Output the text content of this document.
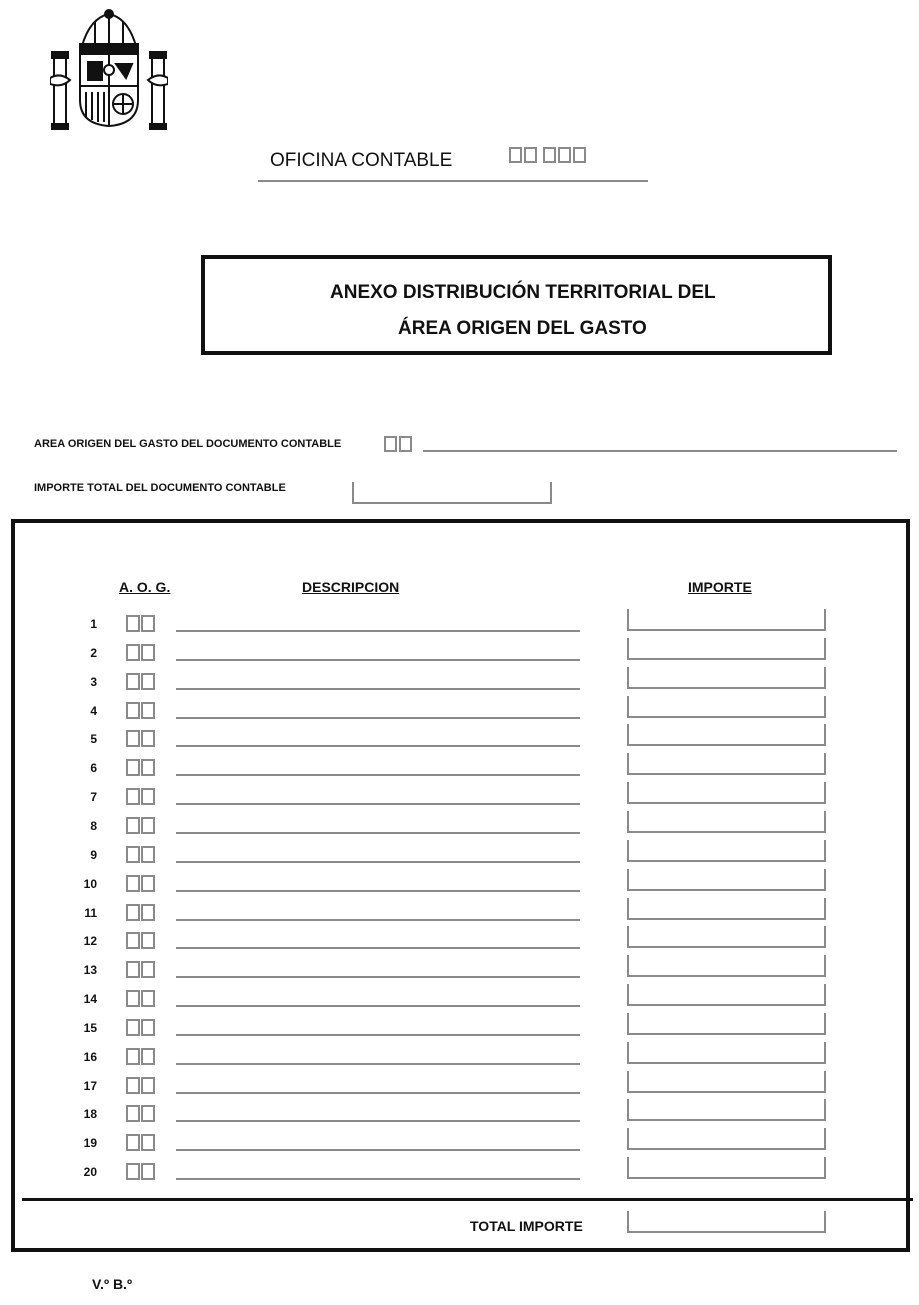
OFICINA CONTABLE
ANEXO DISTRIBUCIÓN TERRITORIAL DEL
ÁREA ORIGEN DEL GASTO
AREA ORIGEN DEL GASTO DEL DOCUMENTO CONTABLE
IMPORTE TOTAL DEL DOCUMENTO CONTABLE
A. O. G.	DESCRIPCION	IMPORTE
1
2
3
4
5
6
7
8
9
10
11
12
13
14
15
16
17
18
19
20
TOTAL IMPORTE
V.º B.º
